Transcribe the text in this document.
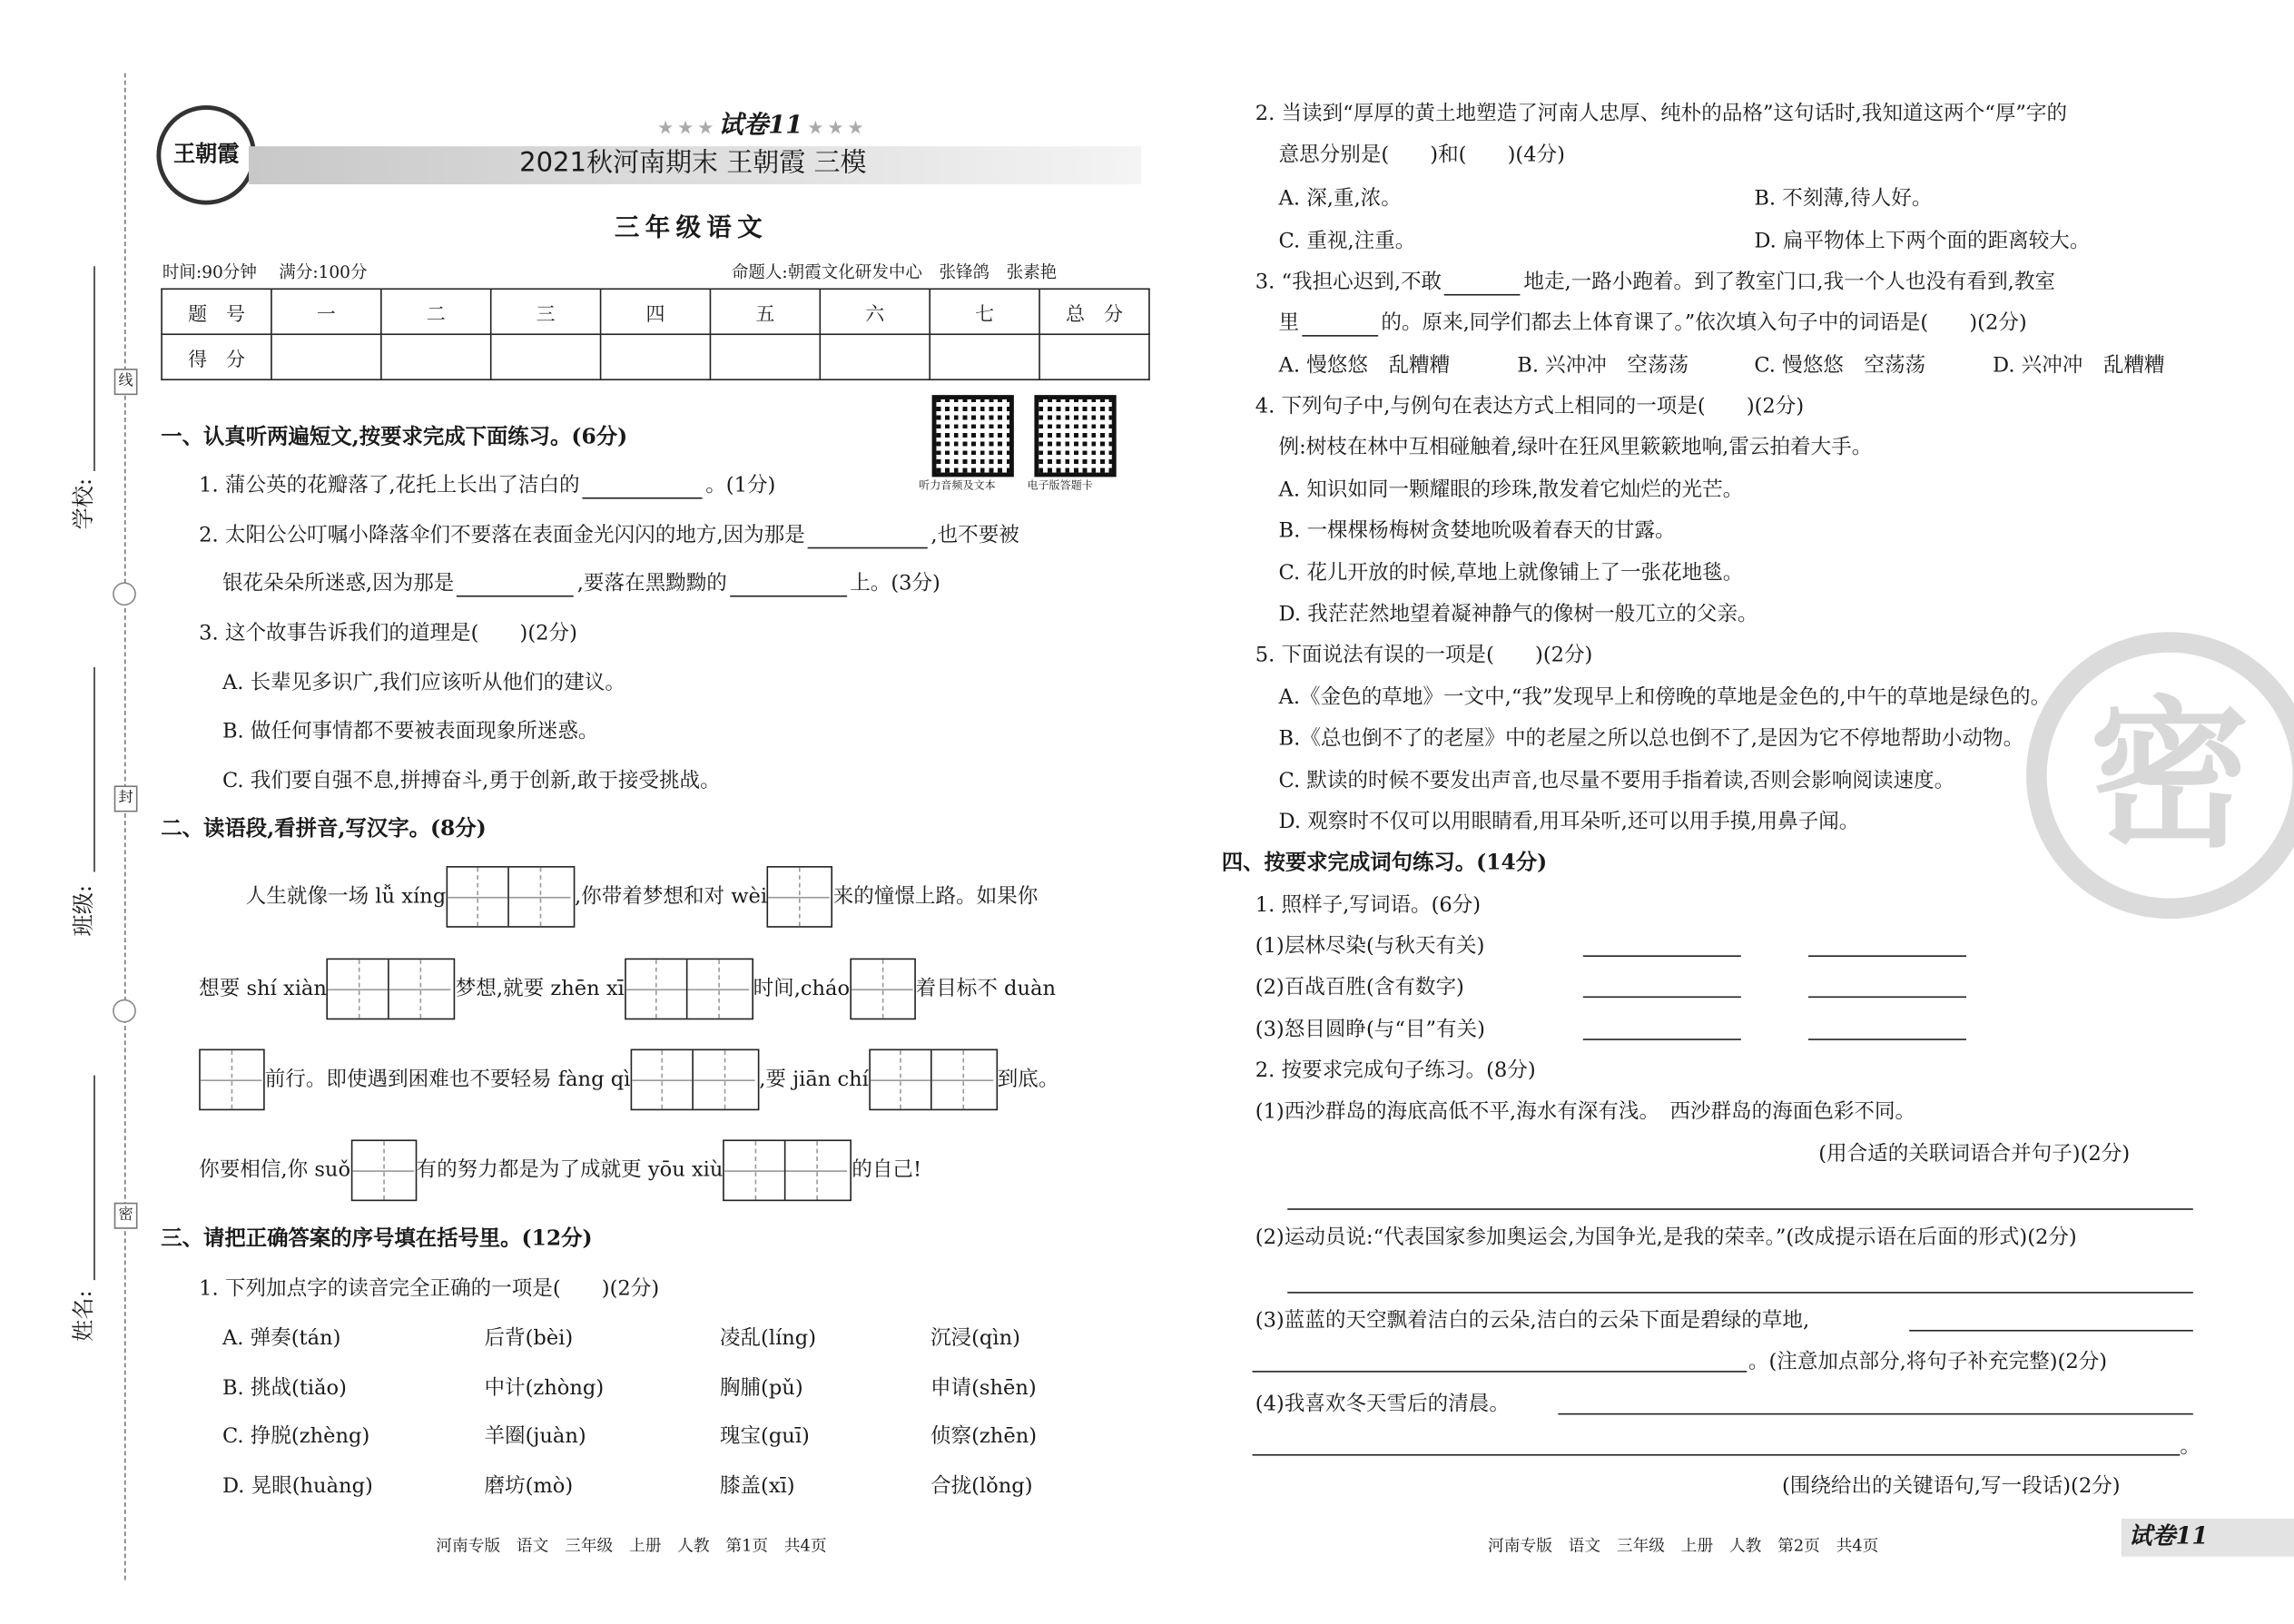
线
封
密
学校:
班级:
姓名:
王朝霞
★ ★ ★ 试卷11 ★ ★ ★
2021秋河南期末 王朝霞 三模
三年级语文
时间:90分钟　 满分:100分	命题人:朝霞文化研发中心　张锋鸽　张素艳
题　号	一	二	三	四	五	六	七	总　分
得　分								
听力音频及文本	电子版答题卡
一、认真听两遍短文,按要求完成下面练习。(6分)
1. 蒲公英的花瓣落了,花托上长出了洁白的	。(1分)
2. 太阳公公叮嘱小降落伞们不要落在表面金光闪闪的地方,因为那是	,也不要被
银花朵朵所迷惑,因为那是	,要落在黑黝黝的	上。(3分)
3. 这个故事告诉我们的道理是(　　)(2分)
A. 长辈见多识广,我们应该听从他们的建议。
B. 做任何事情都不要被表面现象所迷惑。
C. 我们要自强不息,拼搏奋斗,勇于创新,敢于接受挑战。
二、读语段,看拼音,写汉字。(8分)
人生就像一场 lǚ xíng	,你带着梦想和对 wèi	来的憧憬上路。如果你
想要 shí xiàn	梦想,就要 zhēn xī	时间,cháo	着目标不 duàn
前行。即使遇到困难也不要轻易 fàng qì	,要 jiān chí	到底。
你要相信,你 suǒ	有的努力都是为了成就更 yōu xiù	的自己!
三、请把正确答案的序号填在括号里。(12分)
1. 下列加点字的读音完全正确的一项是(　　)(2分)
A. 弹奏(tán)	后背(bèi)	凌乱(líng)	沉浸(qìn)
B. 挑战(tiǎo)	中计(zhòng)	胸脯(pǔ)	申请(shēn)
C. 挣脱(zhèng)	羊圈(juàn)	瑰宝(guī)	侦察(zhēn)
D. 晃眼(huàng)	磨坊(mò)	膝盖(xī)	合拢(lǒng)
河南专版　语文　三年级　上册　人教　第1页　共4页
2. 当读到“厚厚的黄土地塑造了河南人忠厚、纯朴的品格”这句话时,我知道这两个“厚”字的
意思分别是(　　)和(　　)(4分)
A. 深,重,浓。	B. 不刻薄,待人好。
C. 重视,注重。	D. 扁平物体上下两个面的距离较大。
3. “我担心迟到,不敢	地走,一路小跑着。到了教室门口,我一个人也没有看到,教室
里	的。原来,同学们都去上体育课了。”依次填入句子中的词语是(　　)(2分)
A. 慢悠悠　乱糟糟	B. 兴冲冲　空荡荡	C. 慢悠悠　空荡荡	D. 兴冲冲　乱糟糟
4. 下列句子中,与例句在表达方式上相同的一项是(　　)(2分)
例:树枝在林中互相碰触着,绿叶在狂风里簌簌地响,雷云拍着大手。
A. 知识如同一颗耀眼的珍珠,散发着它灿烂的光芒。
B. 一棵棵杨梅树贪婪地吮吸着春天的甘露。
C. 花儿开放的时候,草地上就像铺上了一张花地毯。
D. 我茫茫然地望着凝神静气的像树一般兀立的父亲。
5. 下面说法有误的一项是(　　)(2分)
A.《金色的草地》一文中,“我”发现早上和傍晚的草地是金色的,中午的草地是绿色的。
B.《总也倒不了的老屋》中的老屋之所以总也倒不了,是因为它不停地帮助小动物。
C. 默读的时候不要发出声音,也尽量不要用手指着读,否则会影响阅读速度。
D. 观察时不仅可以用眼睛看,用耳朵听,还可以用手摸,用鼻子闻。	密
四、按要求完成词句练习。(14分)
1. 照样子,写词语。(6分)
(1)层林尽染(与秋天有关)
(2)百战百胜(含有数字)
(3)怒目圆睁(与“目”有关)
2. 按要求完成句子练习。(8分)
(1)西沙群岛的海底高低不平,海水有深有浅。　西沙群岛的海面色彩不同。
(用合适的关联词语合并句子)(2分)
(2)运动员说:“代表国家参加奥运会,为国争光,是我的荣幸。”(改成提示语在后面的形式)(2分)
(3)蓝蓝的天空飘着洁白的云朵,洁白的云朵下面是碧绿的草地,
。(注意加点部分,将句子补充完整)(2分)
(4)我喜欢冬天雪后的清晨。
。
(围绕给出的关键语句,写一段话)(2分)
河南专版　语文　三年级　上册　人教　第2页　共4页	试卷11
